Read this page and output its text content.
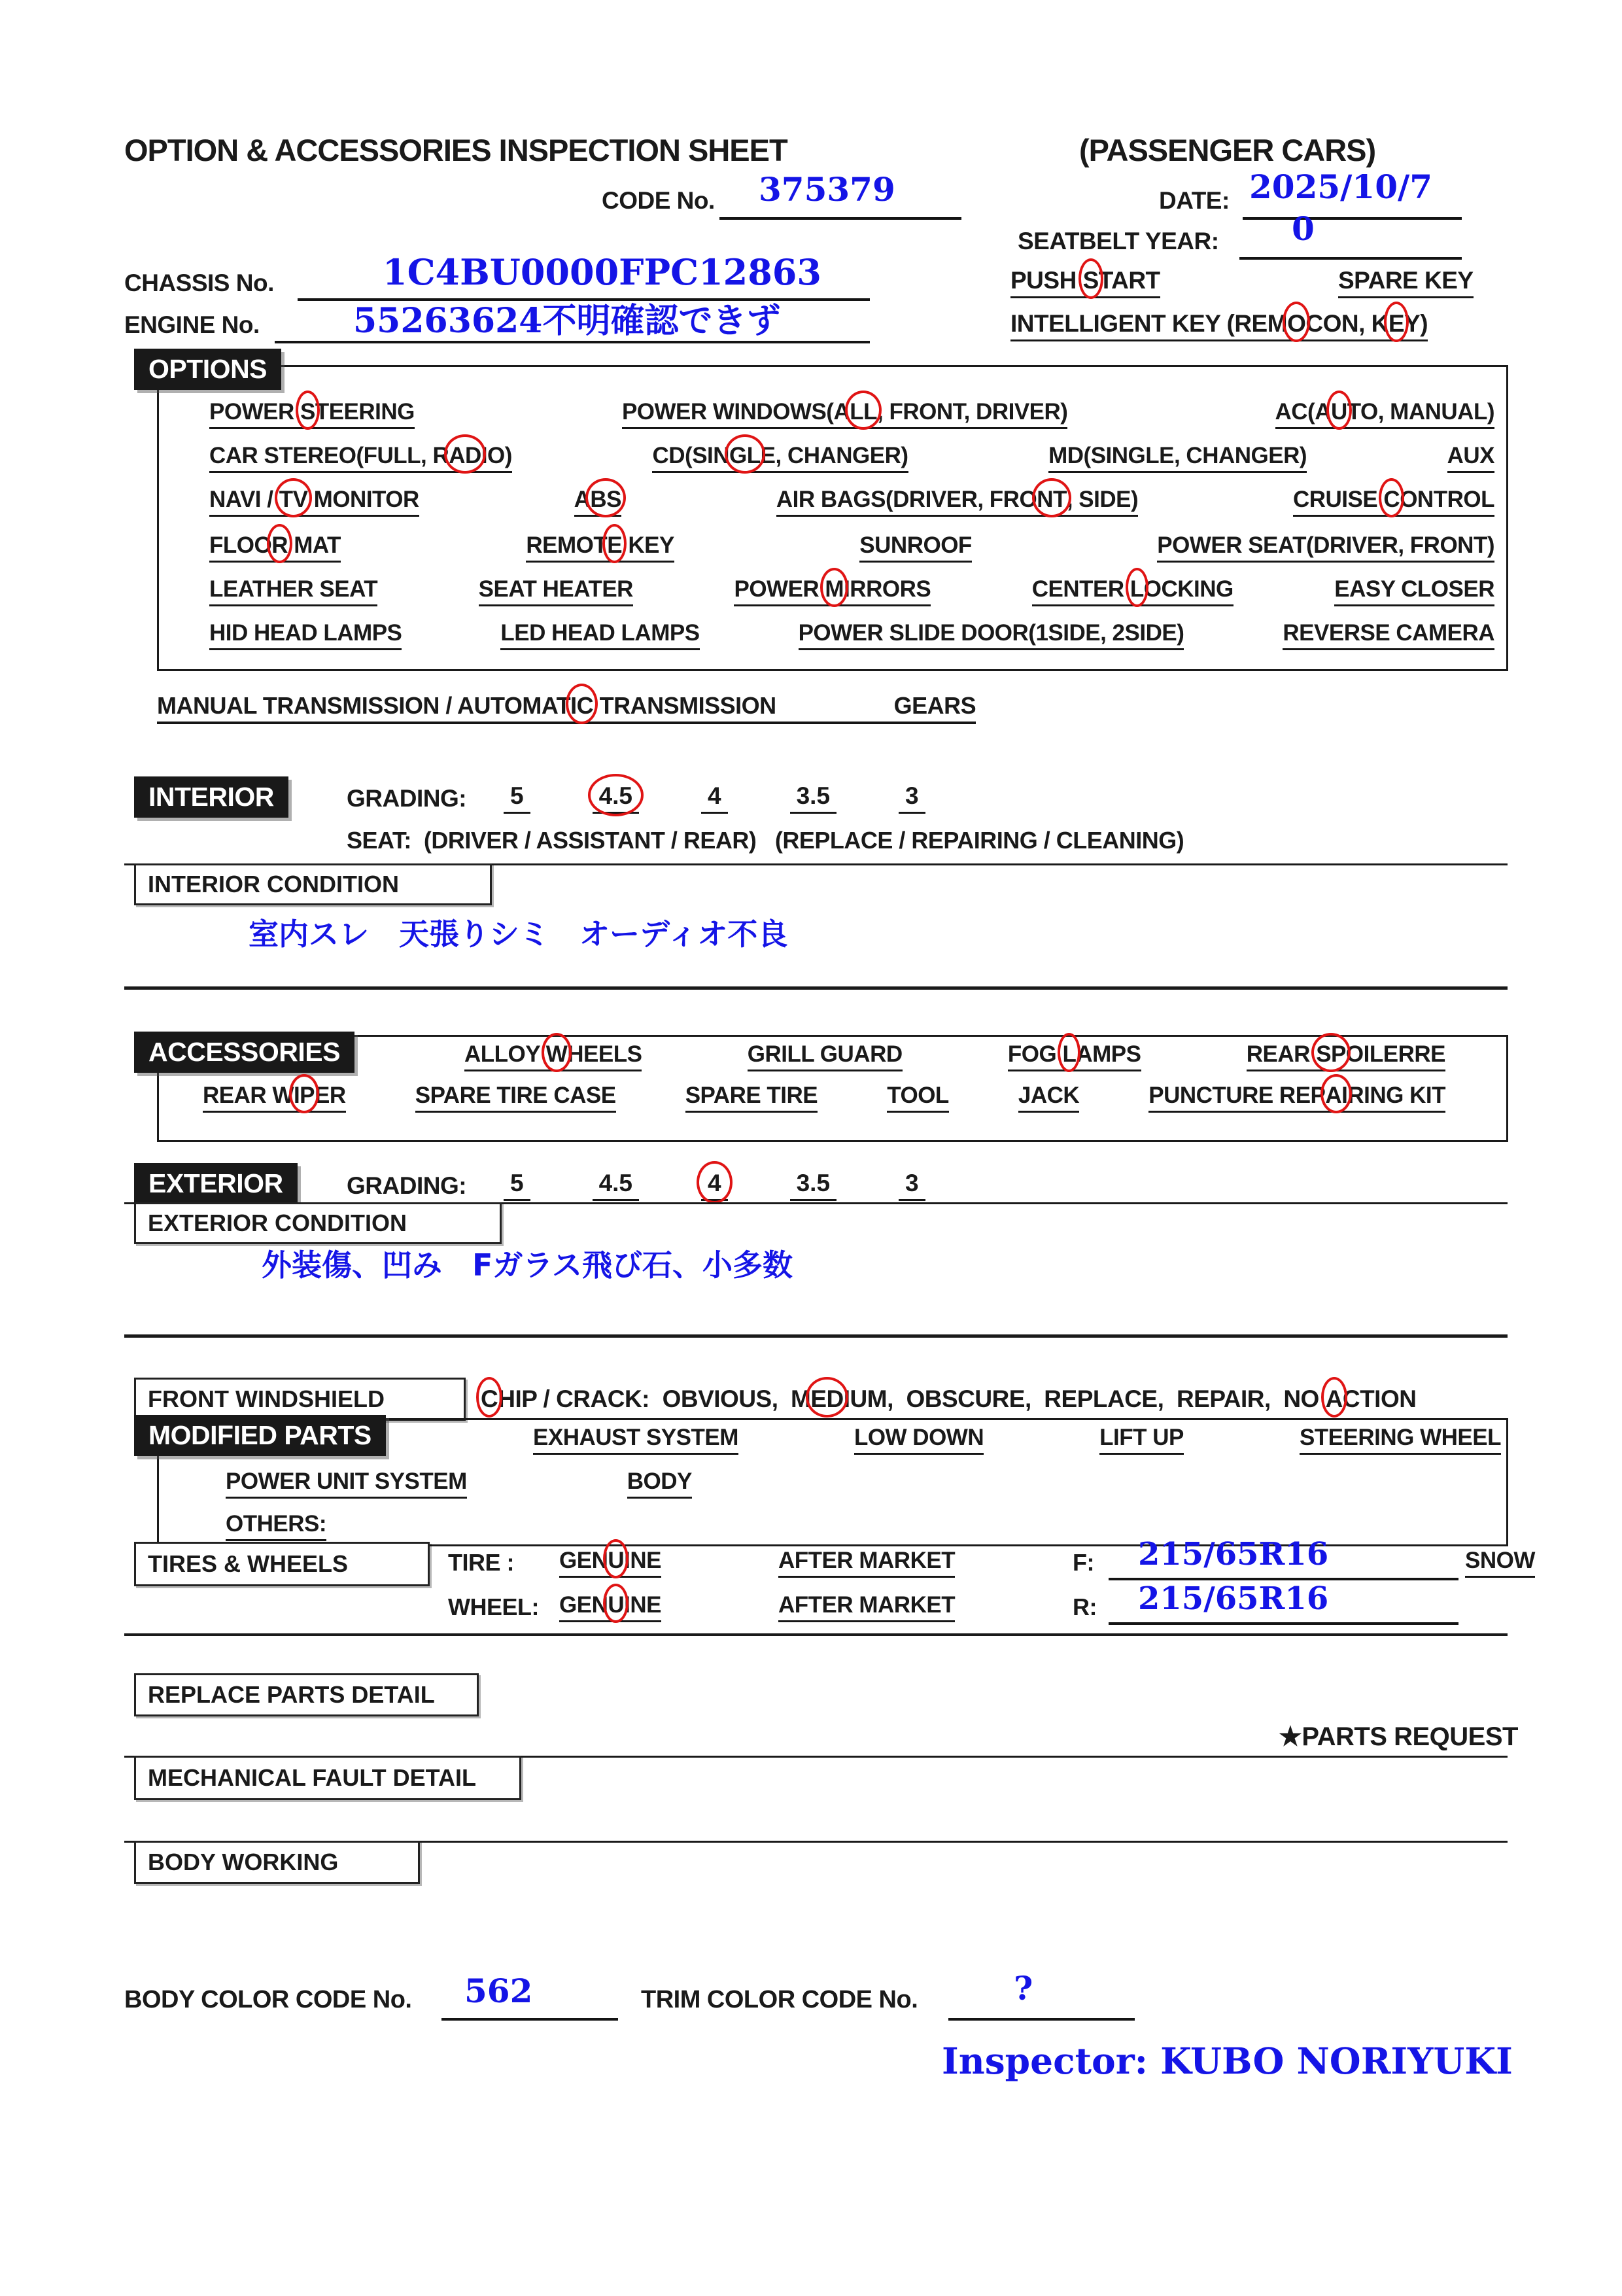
OPTION & ACCESSORIES INSPECTION SHEET	(PASSENGER CARS)
CODE No. 375379	DATE: 2025/10/7
SEATBELT YEAR: 0
CHASSIS No.	1C4BU0000FPC12863	PUSH START	SPARE KEY
ENGINE No.	55263624不明確認できず	INTELLIGENT KEY (REMOCON, KEY)
OPTIONS
POWER STEERING	POWER WINDOWS(ALL, FRONT, DRIVER)	AC(AUTO, MANUAL)
CAR STEREO(FULL, RADIO)	CD(SINGLE, CHANGER)	MD(SINGLE, CHANGER)	AUX
NAVI / TV MONITOR	ABS	AIR BAGS(DRIVER, FRONT, SIDE)	CRUISE CONTROL
FLOOR MAT	REMOTE KEY	SUNROOF	POWER SEAT(DRIVER, FRONT)
LEATHER SEAT	SEAT HEATER	POWER MIRRORS	CENTER LOCKING	EASY CLOSER
HID HEAD LAMPS	LED HEAD LAMPS	POWER SLIDE DOOR(1SIDE, 2SIDE)	REVERSE CAMERA
MANUAL TRANSMISSION / AUTOMATIC TRANSMISSION	GEARS
INTERIOR	GRADING: 5	4.5	4	3.5	3
SEAT:  (DRIVER / ASSISTANT / REAR)   (REPLACE / REPAIRING / CLEANING)
INTERIOR CONDITION
室内スレ　天張りシミ　オーディオ不良
ACCESSORIES	ALLOY WHEELS	GRILL GUARD	FOG LAMPS	REAR SPOILERRE
REAR WIPER	SPARE TIRE CASE	SPARE TIRE	TOOL	JACK	PUNCTURE REPAIRING KIT
EXTERIOR	GRADING: 5	4.5	4	3.5	3
EXTERIOR CONDITION
外装傷、凹み　Fガラス飛び石、小多数
FRONT WINDSHIELD	CHIP / CRACK:  OBVIOUS,  MEDIUM,  OBSCURE,  REPLACE,  REPAIR,  NO ACTION
MODIFIED PARTS	EXHAUST SYSTEM	LOW DOWN	LIFT UP	STEERING WHEEL
POWER UNIT SYSTEM	BODY
OTHERS:
TIRES & WHEELS	TIRE : GENUINE	AFTER MARKET	F: 215/65R16	SNOW
WHEEL: GENUINE	AFTER MARKET	R: 215/65R16
REPLACE PARTS DETAIL
★PARTS REQUEST
MECHANICAL FAULT DETAIL
BODY WORKING
BODY COLOR CODE No. 562	TRIM COLOR CODE No.	?
Inspector: KUBO NORIYUKI
